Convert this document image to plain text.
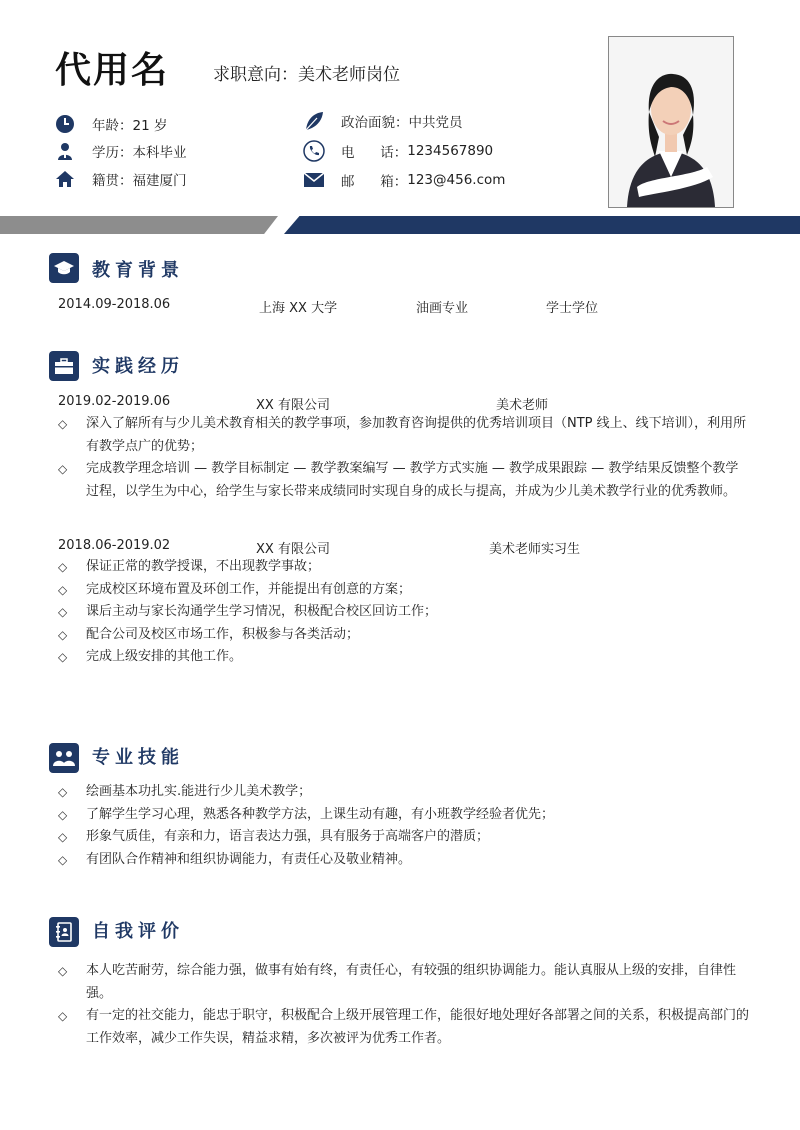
代用名	求职意向：美术老师岗位
年龄： 21 岁
学历： 本科毕业
籍贯： 福建厦门
政治面貌： 中共党员
电      话： 1234567890
邮      箱： 123@456.com
教育背景
2014.09-2018.06	上海 XX 大学	油画专业	学士学位
实践经历
2019.02-2019.06	XX 有限公司	美术老师
◇	深入了解所有与少儿美术教育相关的教学事项，参加教育咨询提供的优秀培训项目（NTP 线上、线下培训），利用所有教学点广的优势；
◇	完成教学理念培训 — 教学目标制定 — 教学教案编写 — 教学方式实施 — 教学成果跟踪 — 教学结果反馈整个教学过程，以学生为中心，给学生与家长带来成绩同时实现自身的成长与提高，并成为少儿美术教学行业的优秀教师。
2018.06-2019.02	XX 有限公司	美术老师实习生
◇	保证正常的教学授课，不出现教学事故；
◇	完成校区环境布置及环创工作，并能提出有创意的方案；
◇	课后主动与家长沟通学生学习情况，积极配合校区回访工作；
◇	配合公司及校区市场工作，积极参与各类活动；
◇	完成上级安排的其他工作。
专业技能
◇	绘画基本功扎实.能进行少儿美术教学；
◇	了解学生学习心理，熟悉各种教学方法，上课生动有趣，有小班教学经验者优先；
◇	形象气质佳，有亲和力，语言表达力强，具有服务于高端客户的潜质；
◇	有团队合作精神和组织协调能力，有责任心及敬业精神。
自我评价
◇	本人吃苦耐劳，综合能力强，做事有始有终，有责任心，有较强的组织协调能力。能认真服从上级的安排，自律性强。
◇	有一定的社交能力，能忠于职守，积极配合上级开展管理工作，能很好地处理好各部署之间的关系，积极提高部门的工作效率，减少工作失误，精益求精，多次被评为优秀工作者。
